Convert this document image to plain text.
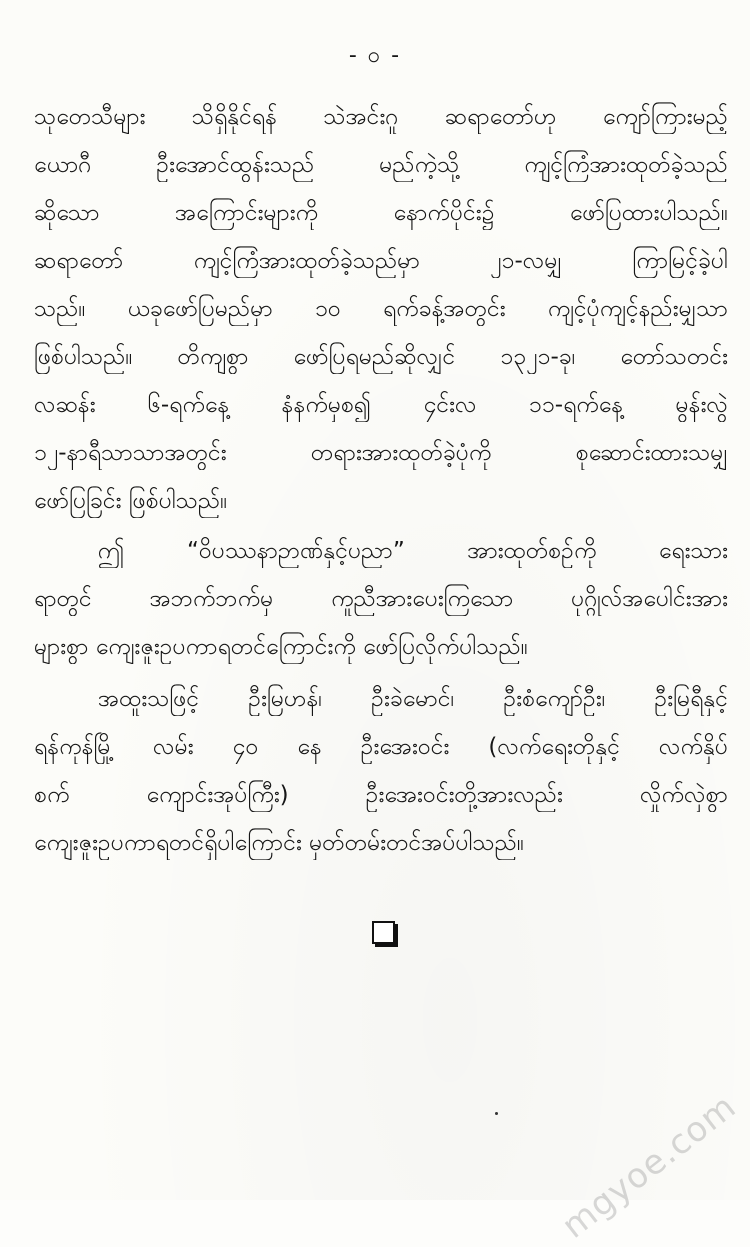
- ၀ -
သုတေသီများ သိရှိနိုင်ရန် သဲအင်းဂူ ဆရာတော်ဟု ကျော်ကြားမည့်
ယောဂီ ဦးအောင်ထွန်းသည် မည်ကဲ့သို့ ကျင့်ကြံအားထုတ်ခဲ့သည်
ဆိုသော အကြောင်းများကို နောက်ပိုင်း၌ ဖော်ပြထားပါသည်။
ဆရာတော် ကျင့်ကြံအားထုတ်ခဲ့သည်မှာ ၂၁-လမျှ ကြာမြင့်ခဲ့ပါ
သည်။ ယခုဖော်ပြမည်မှာ ၁၀ ရက်ခန့်အတွင်း ကျင့်ပုံကျင့်နည်းမျှသာ
ဖြစ်ပါသည်။ တိကျစွာ ဖော်ပြရမည်ဆိုလျှင် ၁၃၂၁-ခု၊ တော်သတင်း
လဆန်း ၆-ရက်နေ့ နံနက်မှစ၍ ၄င်းလ ၁၁-ရက်နေ့ မွန်းလွဲ
၁၂-နာရီသာသာအတွင်း တရားအားထုတ်ခဲ့ပုံကို စုဆောင်းထားသမျှ
ဖော်ပြခြင်း ဖြစ်ပါသည်။
ဤ “ဝိပဿနာဉာဏ်နှင့်ပညာ” အားထုတ်စဉ်ကို ရေးသား
ရာတွင် အဘက်ဘက်မှ ကူညီအားပေးကြသော ပုဂ္ဂိုလ်အပေါင်းအား
များစွာ ကျေးဇူးဥပကာရတင်ကြောင်းကို ဖော်ပြလိုက်ပါသည်။
အထူးသဖြင့် ဦးမြဟန်၊ ဦးခဲမောင်၊ ဦးစံကျော်ဦး၊ ဦးမြရီနှင့်
ရန်ကုန်မြို့ လမ်း ၄၀ နေ ဦးအေးဝင်း (လက်ရေးတိုနှင့် လက်နှိပ်
စက် ကျောင်းအုပ်ကြီး) ဦးအေးဝင်းတို့အားလည်း လှိုက်လှဲစွာ
ကျေးဇူးဥပကာရတင်ရှိပါကြောင်း မှတ်တမ်းတင်အပ်ပါသည်။
mgyoe.com
